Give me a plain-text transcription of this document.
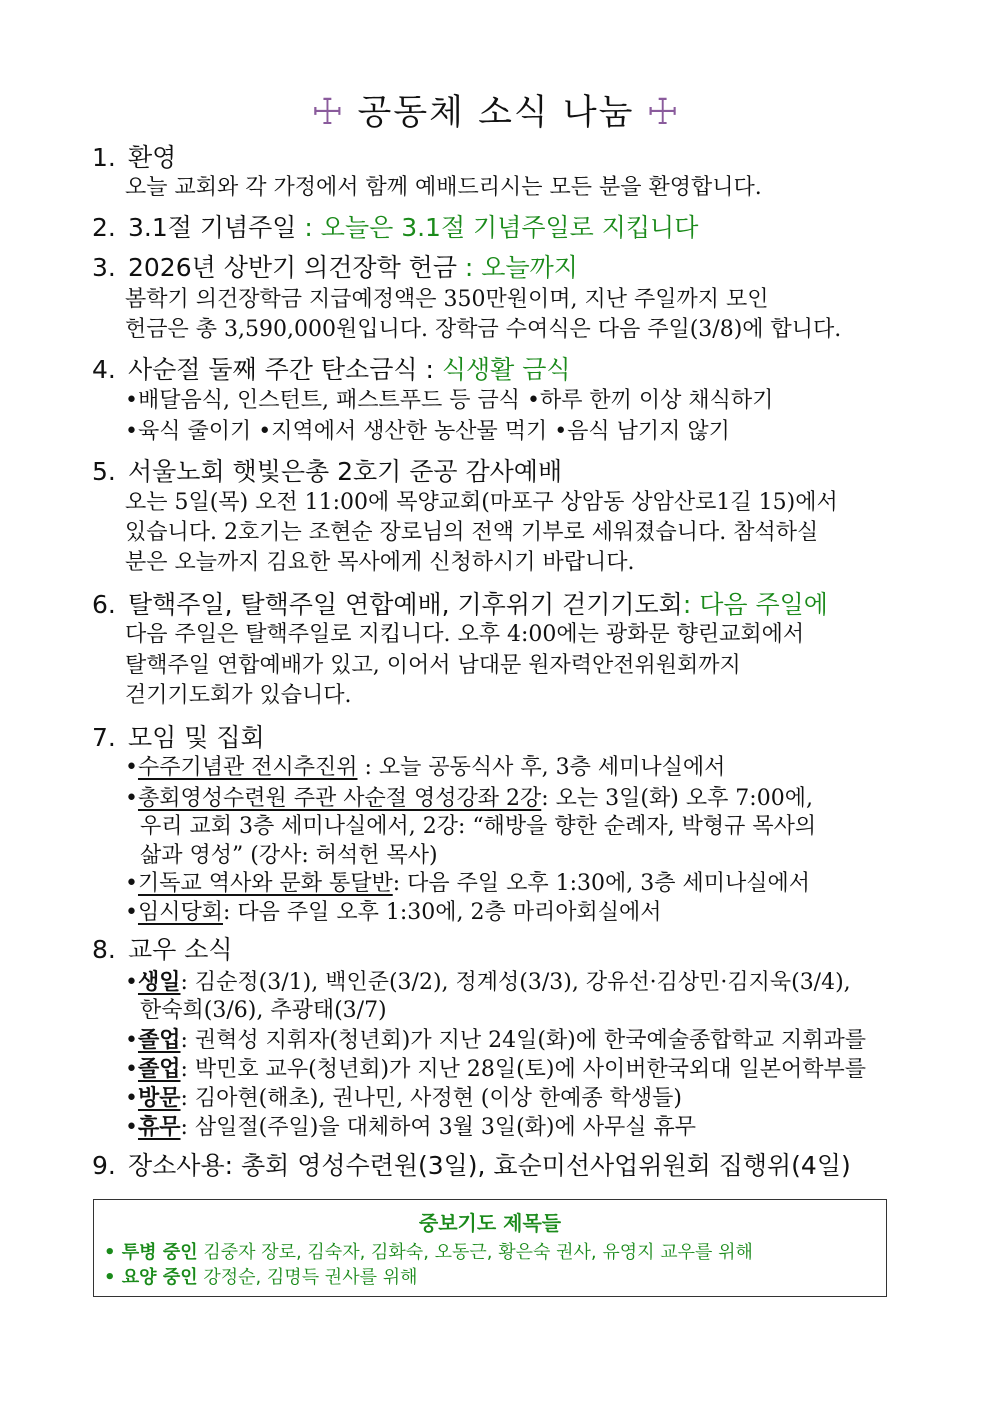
☩ 공동체 소식 나눔 ☩
1. 환영
오늘 교회와 각 가정에서 함께 예배드리시는 모든 분을 환영합니다.
2. 3.1절 기념주일 : 오늘은 3.1절 기념주일로 지킵니다
3. 2026년 상반기 의건장학 헌금 : 오늘까지
봄학기 의건장학금 지급예정액은 350만원이며, 지난 주일까지 모인
헌금은 총 3,590,000원입니다. 장학금 수여식은 다음 주일(3/8)에 합니다.
4. 사순절 둘째 주간 탄소금식 : 식생활 금식
•배달음식, 인스턴트, 패스트푸드 등 금식 •하루 한끼 이상 채식하기
•육식 줄이기 •지역에서 생산한 농산물 먹기 •음식 남기지 않기
5. 서울노회 햇빛은총 2호기 준공 감사예배
오는 5일(목) 오전 11:00에 목양교회(마포구 상암동 상암산로1길 15)에서
있습니다. 2호기는 조현순 장로님의 전액 기부로 세워졌습니다. 참석하실
분은 오늘까지 김요한 목사에게 신청하시기 바랍니다.
6. 탈핵주일, 탈핵주일 연합예배, 기후위기 걷기기도회: 다음 주일에
다음 주일은 탈핵주일로 지킵니다. 오후 4:00에는 광화문 향린교회에서
탈핵주일 연합예배가 있고, 이어서 남대문 원자력안전위원회까지
걷기기도회가 있습니다.
7. 모임 및 집회
•수주기념관 전시추진위 : 오늘 공동식사 후, 3층 세미나실에서
•총회영성수련원 주관 사순절 영성강좌 2강: 오는 3일(화) 오후 7:00에,
우리 교회 3층 세미나실에서, 2강: “해방을 향한 순례자, 박형규 목사의
삶과 영성” (강사: 허석헌 목사)
•기독교 역사와 문화 통달반: 다음 주일 오후 1:30에, 3층 세미나실에서
•임시당회: 다음 주일 오후 1:30에, 2층 마리아회실에서
8. 교우 소식
•생일: 김순정(3/1), 백인준(3/2), 정계성(3/3), 강유선·김상민·김지욱(3/4),
한숙희(3/6), 추광태(3/7)
•졸업: 권혁성 지휘자(청년회)가 지난 24일(화)에 한국예술종합학교 지휘과를
•졸업: 박민호 교우(청년회)가 지난 28일(토)에 사이버한국외대 일본어학부를
•방문: 김아현(해초), 권나민, 사정현 (이상 한예종 학생들)
•휴무: 삼일절(주일)을 대체하여 3월 3일(화)에 사무실 휴무
9. 장소사용: 총회 영성수련원(3일), 효순미선사업위원회 집행위(4일)
중보기도 제목들
• 투병 중인 김중자 장로, 김숙자, 김화숙, 오동근, 황은숙 권사, 유영지 교우를 위해
• 요양 중인 강정순, 김명득 권사를 위해
